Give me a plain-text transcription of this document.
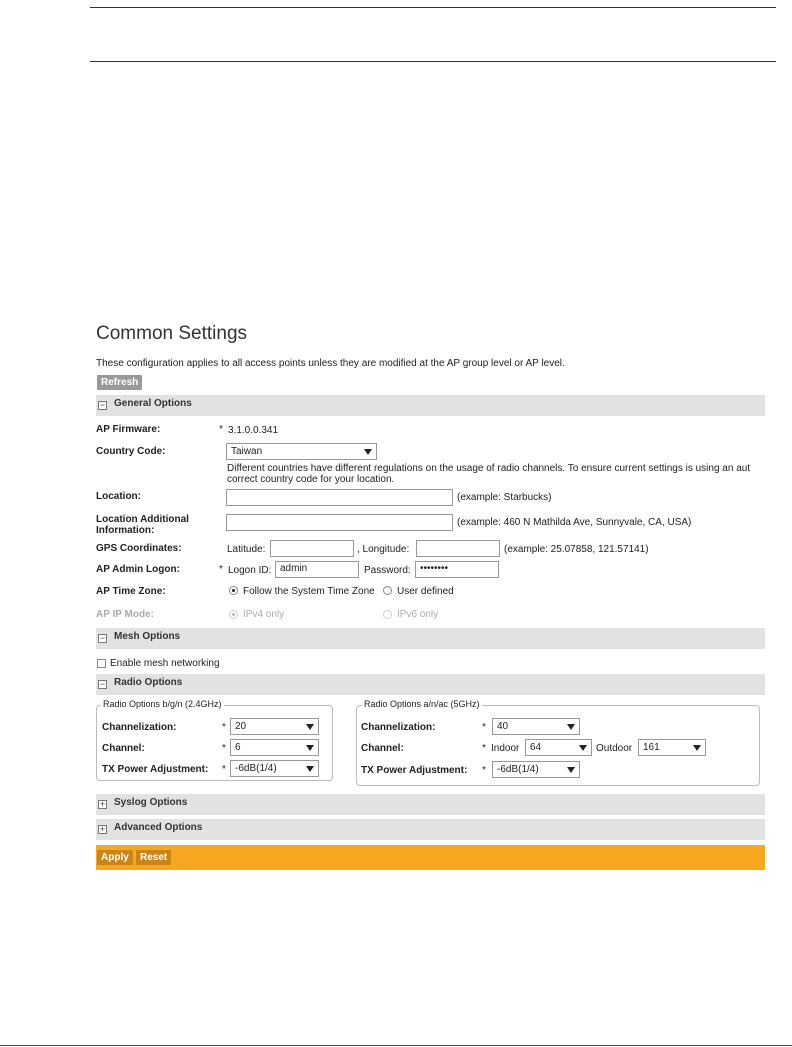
Common Settings
These configuration applies to all access points unless they are modified at the AP group level or AP level.
Refresh
− General Options
AP Firmware:	* 3.1.0.0.341
Country Code:	Taiwan
Different countries have different regulations on the usage of radio channels. To ensure current settings is using an aut
correct country code for your location.
Location:	(example: Starbucks)
Location Additional
Information:
(example: 460 N Mathilda Ave, Sunnyvale, CA, USA)
GPS Coordinates:	Latitude:	, Longitude:	(example: 25.07858, 121.57141)
AP Admin Logon:	* Logon ID: admin	Password: ••••••••
AP Time Zone:	Follow the System Time Zone User defined
AP IP Mode:	IPv4 only	IPv6 only
− Mesh Options
Enable mesh networking
− Radio Options
Radio Options b/g/n (2.4GHz)
Channelization:	* 20
Channel:	* 6
TX Power Adjustment: * -6dB(1/4)
Radio Options a/n/ac (5GHz)
Channelization:	*	40
Channel:	* Indoor	64	Outdoor	161
TX Power Adjustment: *	-6dB(1/4)
+ Syslog Options
+ Advanced Options
Apply	Reset
